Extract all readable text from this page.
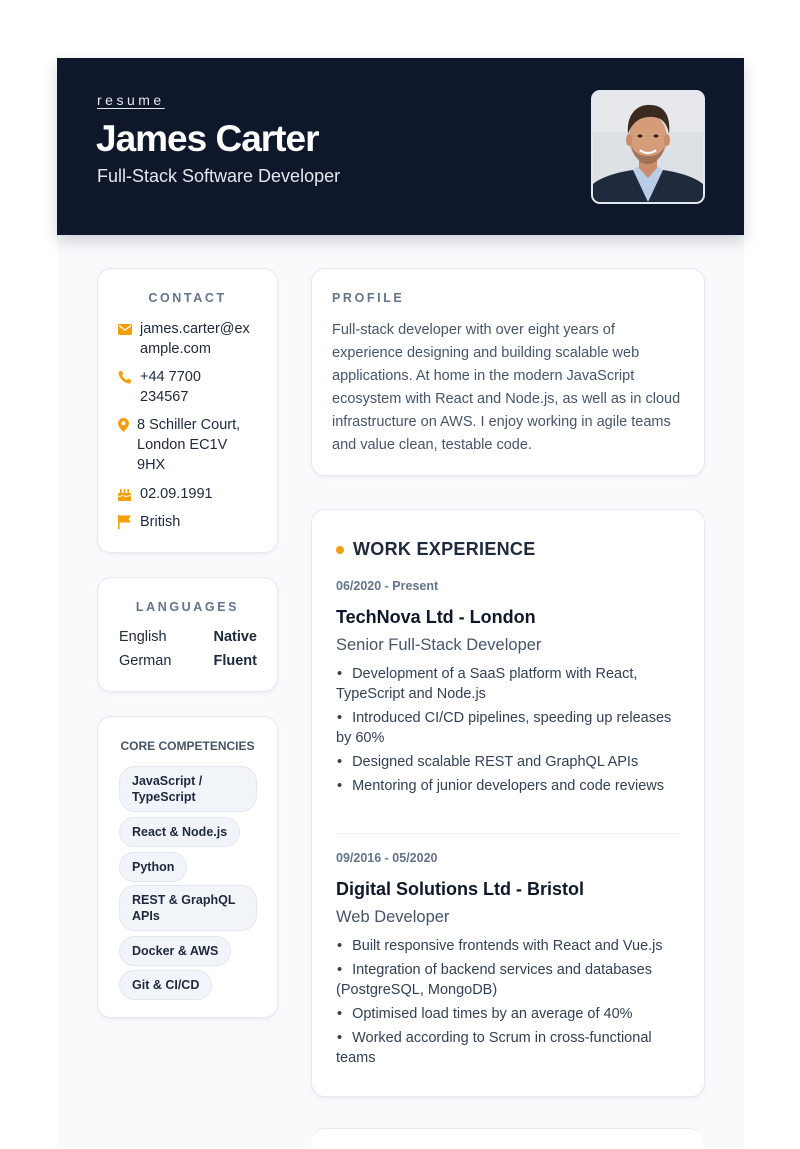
resume
James Carter
Full-Stack Software Developer
CONTACT
james.carter@ex
ample.com
+44 7700
234567
8 Schiller Court,
London EC1V
9HX
02.09.1991
British
LANGUAGES
English	Native
German	Fluent
CORE COMPETENCIES
JavaScript /
TypeScript
React & Node.js
Python
REST & GraphQL
APIs
Docker & AWS
Git & CI/CD
PROFILE
Full-stack developer with over eight years of experience designing and building scalable web applications. At home in the modern JavaScript ecosystem with React and Node.js, as well as in cloud infrastructure on AWS. I enjoy working in agile teams and value clean, testable code.
WORK EXPERIENCE
06/2020 - Present
TechNova Ltd - London
Senior Full-Stack Developer
• Development of a SaaS platform with React, TypeScript and Node.js
• Introduced CI/CD pipelines, speeding up releases by 60%
• Designed scalable REST and GraphQL APIs
• Mentoring of junior developers and code reviews
09/2016 - 05/2020
Digital Solutions Ltd - Bristol
Web Developer
• Built responsive frontends with React and Vue.js
• Integration of backend services and databases (PostgreSQL, MongoDB)
• Optimised load times by an average of 40%
• Worked according to Scrum in cross-functional teams
